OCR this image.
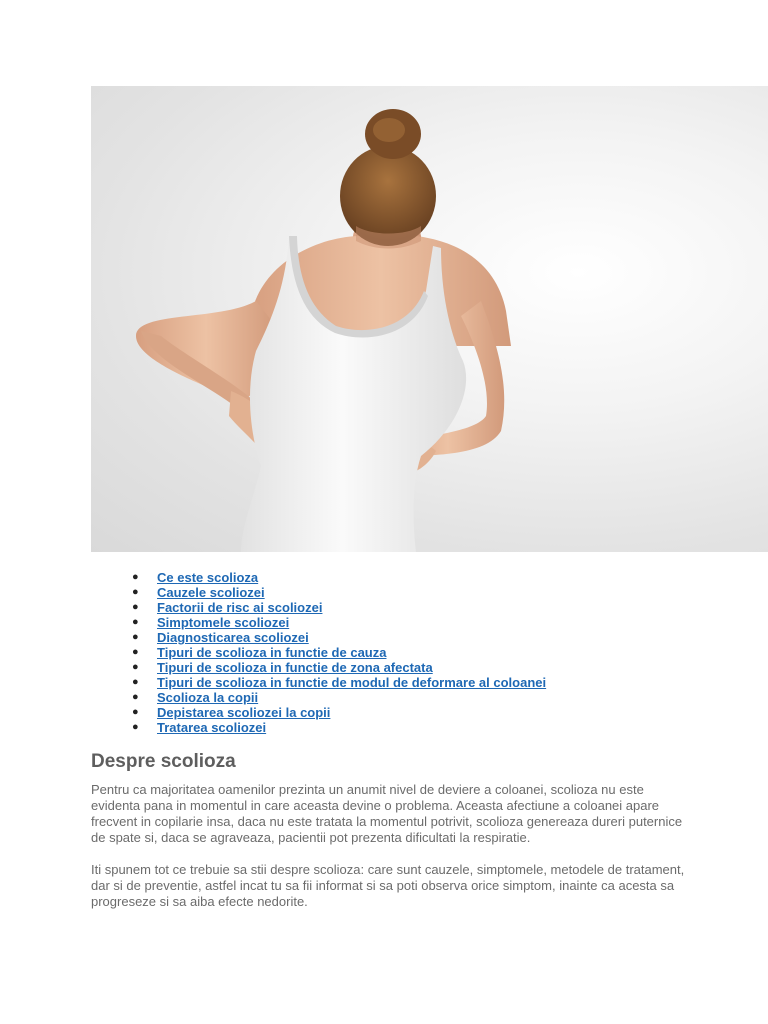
● Ce este scolioza
● Cauzele scoliozei
● Factorii de risc ai scoliozei
● Simptomele scoliozei
● Diagnosticarea scoliozei
● Tipuri de scolioza in functie de cauza
● Tipuri de scolioza in functie de zona afectata
● Tipuri de scolioza in functie de modul de deformare al coloanei
● Scolioza la copii
● Depistarea scoliozei la copii
● Tratarea scoliozei
Despre scolioza

Pentru ca majoritatea oamenilor prezinta un anumit nivel de deviere a coloanei, scolioza nu este evidenta pana in momentul in care aceasta devine o problema. Aceasta afectiune a coloanei apare frecvent in copilarie insa, daca nu este tratata la momentul potrivit, scolioza genereaza dureri puternice de spate si, daca se agraveaza, pacientii pot prezenta dificultati la respiratie.

Iti spunem tot ce trebuie sa stii despre scolioza: care sunt cauzele, simptomele, metodele de tratament, dar si de preventie, astfel incat tu sa fii informat si sa poti observa orice simptom, inainte ca acesta sa progreseze si sa aiba efecte nedorite.
